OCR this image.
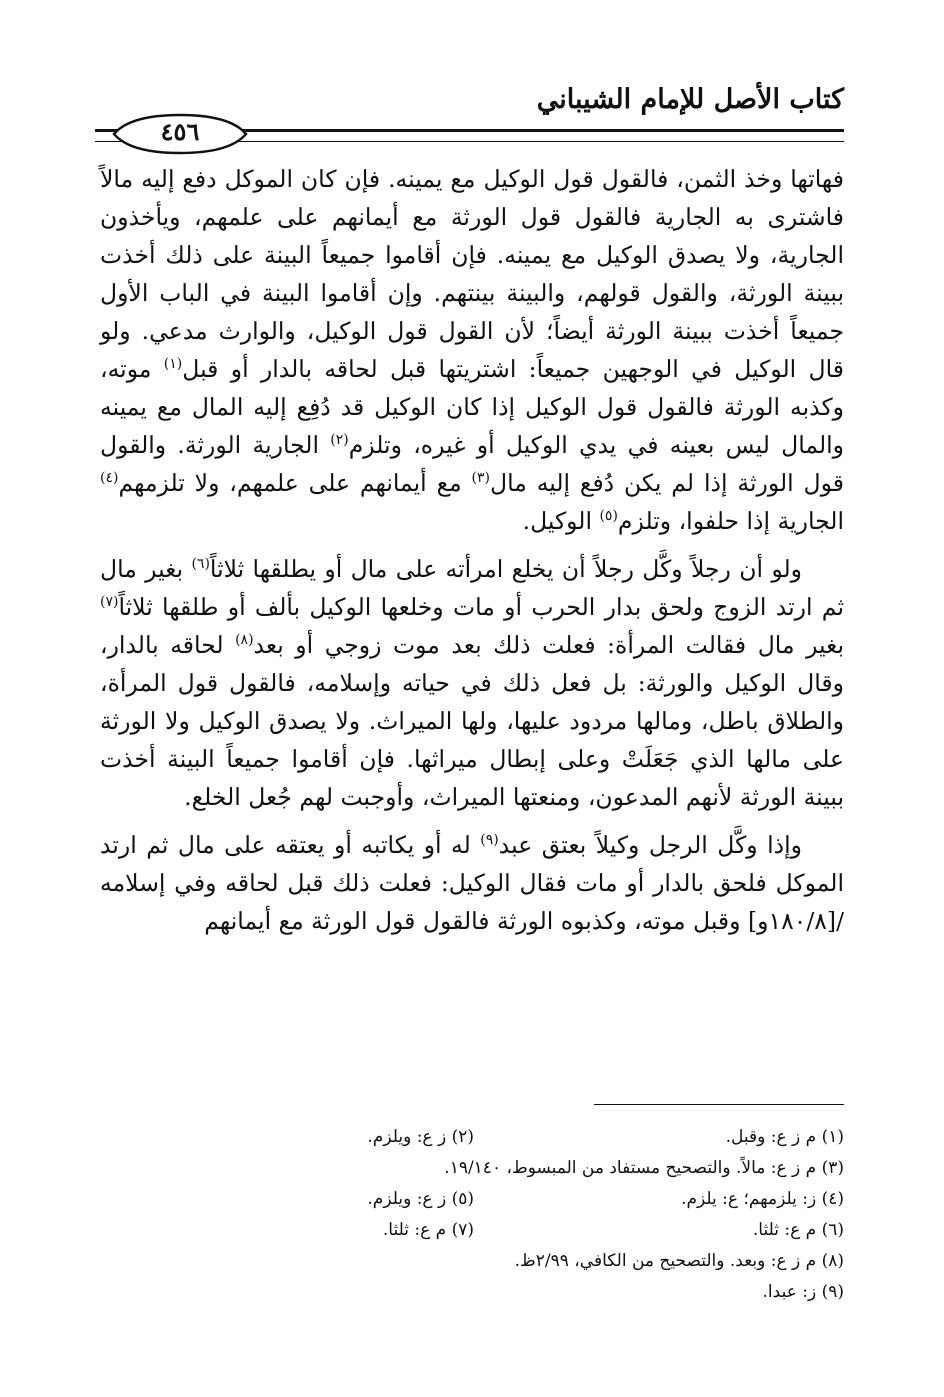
كتاب الأصل للإمام الشيباني
٤٥٦

فهاتها وخذ الثمن، فالقول قول الوكيل مع يمينه. فإن كان الموكل دفع إليه مالاً فاشترى به الجارية فالقول قول الورثة مع أيمانهم على علمهم، ويأخذون الجارية، ولا يصدق الوكيل مع يمينه. فإن أقاموا جميعاً البينة على ذلك أخذت ببينة الورثة، والقول قولهم، والبينة بينتهم. وإن أقاموا البينة في الباب الأول جميعاً أخذت ببينة الورثة أيضاً؛ لأن القول قول الوكيل، والوارث مدعي. ولو قال الوكيل في الوجهين جميعاً: اشتريتها قبل لحاقه بالدار أو قبل$^{(١)}$ موته، وكذبه الورثة فالقول قول الوكيل إذا كان الوكيل قد دُفِع إليه المال مع يمينه والمال ليس بعينه في يدي الوكيل أو غيره، وتلزم$^{(٢)}$ الجارية الورثة. والقول قول الورثة إذا لم يكن دُفع إليه مال$^{(٣)}$ مع أيمانهم على علمهم، ولا تلزمهم$^{(٤)}$ الجارية إذا حلفوا، وتلزم$^{(٥)}$ الوكيل.

ولو أن رجلاً وكَّل رجلاً أن يخلع امرأته على مال أو يطلقها ثلاثاً$^{(٦)}$ بغير مال ثم ارتد الزوج ولحق بدار الحرب أو مات وخلعها الوكيل بألف أو طلقها ثلاثاً$^{(٧)}$ بغير مال فقالت المرأة: فعلت ذلك بعد موت زوجي أو بعد$^{(٨)}$ لحاقه بالدار، وقال الوكيل والورثة: بل فعل ذلك في حياته وإسلامه، فالقول قول المرأة، والطلاق باطل، ومالها مردود عليها، ولها الميراث. ولا يصدق الوكيل ولا الورثة على مالها الذي جَعَلَتْ وعلى إبطال ميراثها. فإن أقاموا جميعاً البينة أخذت ببينة الورثة لأنهم المدعون، ومنعتها الميراث، وأوجبت لهم جُعل الخلع.

وإذا وكَّل الرجل وكيلاً بعتق عبد$^{(٩)}$ له أو يكاتبه أو يعتقه على مال ثم ارتد الموكل فلحق بالدار أو مات فقال الوكيل: فعلت ذلك قبل لحاقه وفي إسلامه /[١٨٠/٨و] وقبل موته، وكذبوه الورثة فالقول قول الورثة مع أيمانهم

(١) م ز ع: وقبل.
(٢) ز ع: ويلزم.
(٣) م ز ع: مالاً. والتصحيح مستفاد من المبسوط، ١٩/١٤٠.
(٤) ز: يلزمهم؛ ع: يلزم.
(٥) ز ع: ويلزم.
(٦) م ع: ثلثا.
(٧) م ع: ثلثا.
(٨) م ز ع: وبعد. والتصحيح من الكافي، ٢/٩٩ظ.
(٩) ز: عبدا.
